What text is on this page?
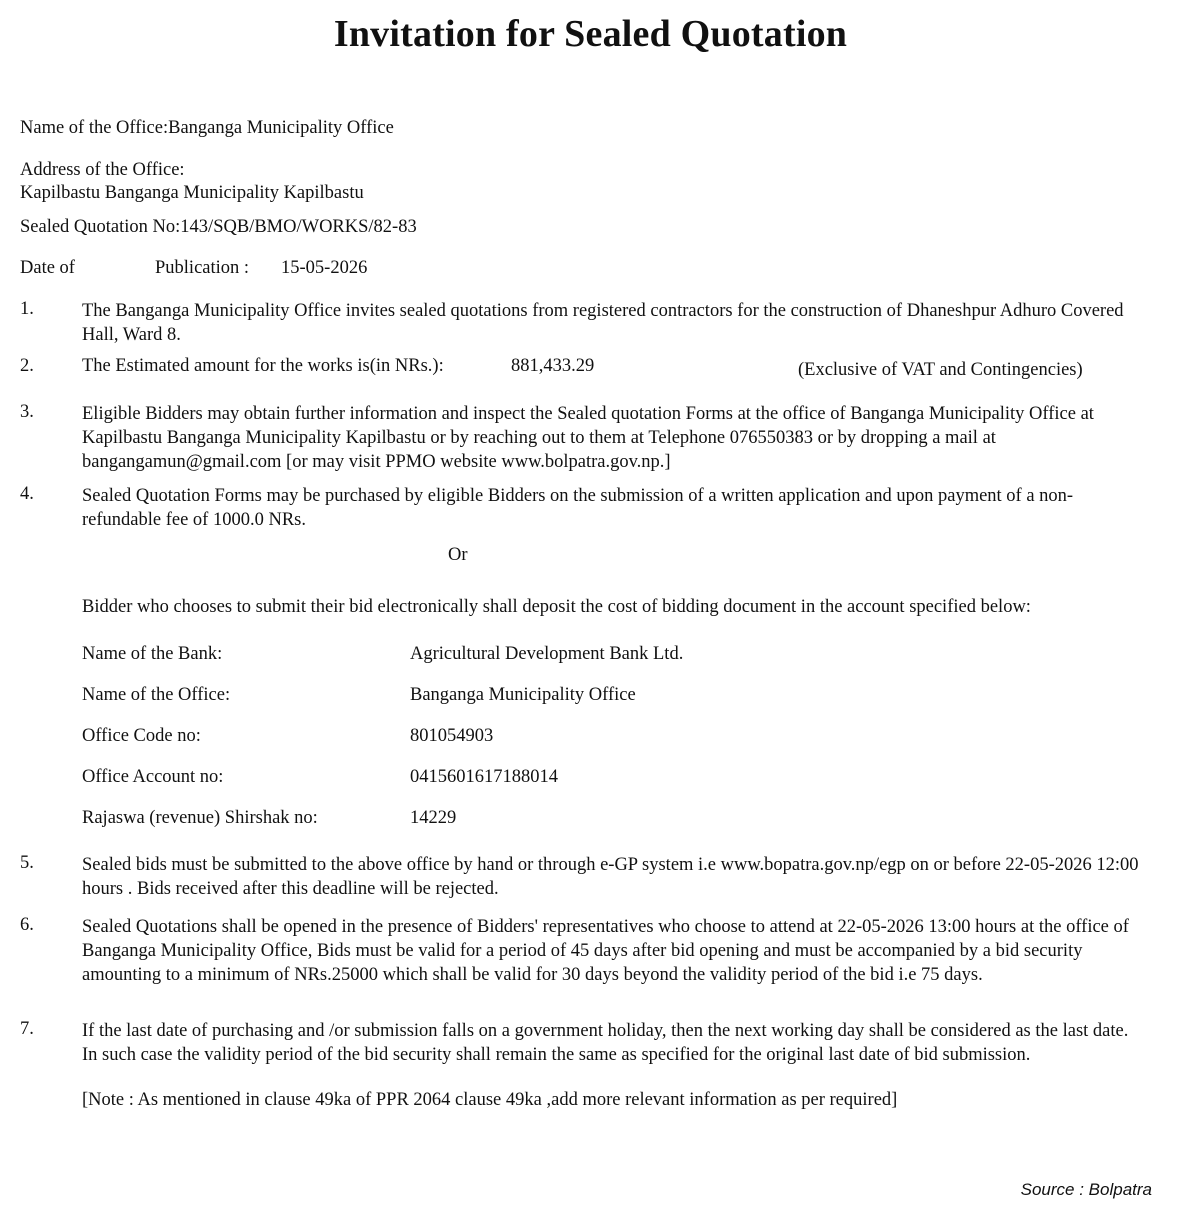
Invitation for Sealed Quotation
Name of the Office:Banganga Municipality Office
Address of the Office:
Kapilbastu Banganga Municipality Kapilbastu
Sealed Quotation No:143/SQB/BMO/WORKS/82-83
Date of	Publication : 15-05-2026
1.	The Banganga Municipality Office invites sealed quotations from registered contractors for the construction of Dhaneshpur Adhuro Covered Hall, Ward 8.
2.	The Estimated amount for the works is(in NRs.):	881,433.29	(Exclusive of VAT and Contingencies)
3.	Eligible Bidders may obtain further information and inspect the Sealed quotation Forms at the office of Banganga Municipality Office at Kapilbastu Banganga Municipality Kapilbastu or by reaching out to them at Telephone 076550383 or by dropping a mail at bangangamun@gmail.com [or may visit PPMO website www.bolpatra.gov.np.]
4.	Sealed Quotation Forms may be purchased by eligible Bidders on the submission of a written application and upon payment of a non-refundable fee of 1000.0 NRs.
Or
Bidder who chooses to submit their bid electronically shall deposit the cost of bidding document in the account specified below:
Name of the Bank:	Agricultural Development Bank Ltd.
Name of the Office:	Banganga Municipality Office
Office Code no:	801054903
Office Account no:	0415601617188014
Rajaswa (revenue) Shirshak no:	14229
5.	Sealed bids must be submitted to the above office by hand or through e-GP system i.e www.bopatra.gov.np/egp on or before 22-05-2026 12:00 hours . Bids received after this deadline will be rejected.
6.	Sealed Quotations shall be opened in the presence of Bidders' representatives who choose to attend at 22-05-2026 13:00 hours at the office of Banganga Municipality Office, Bids must be valid for a period of 45 days after bid opening and must be accompanied by a bid security amounting to a minimum of NRs.25000 which shall be valid for 30 days beyond the validity period of the bid i.e 75 days.
7.	If the last date of purchasing and /or submission falls on a government holiday, then the next working day shall be considered as the last date. In such case the validity period of the bid security shall remain the same as specified for the original last date of bid submission.
[Note : As mentioned in clause 49ka of PPR 2064 clause 49ka ,add more relevant information as per required]
Source : Bolpatra
